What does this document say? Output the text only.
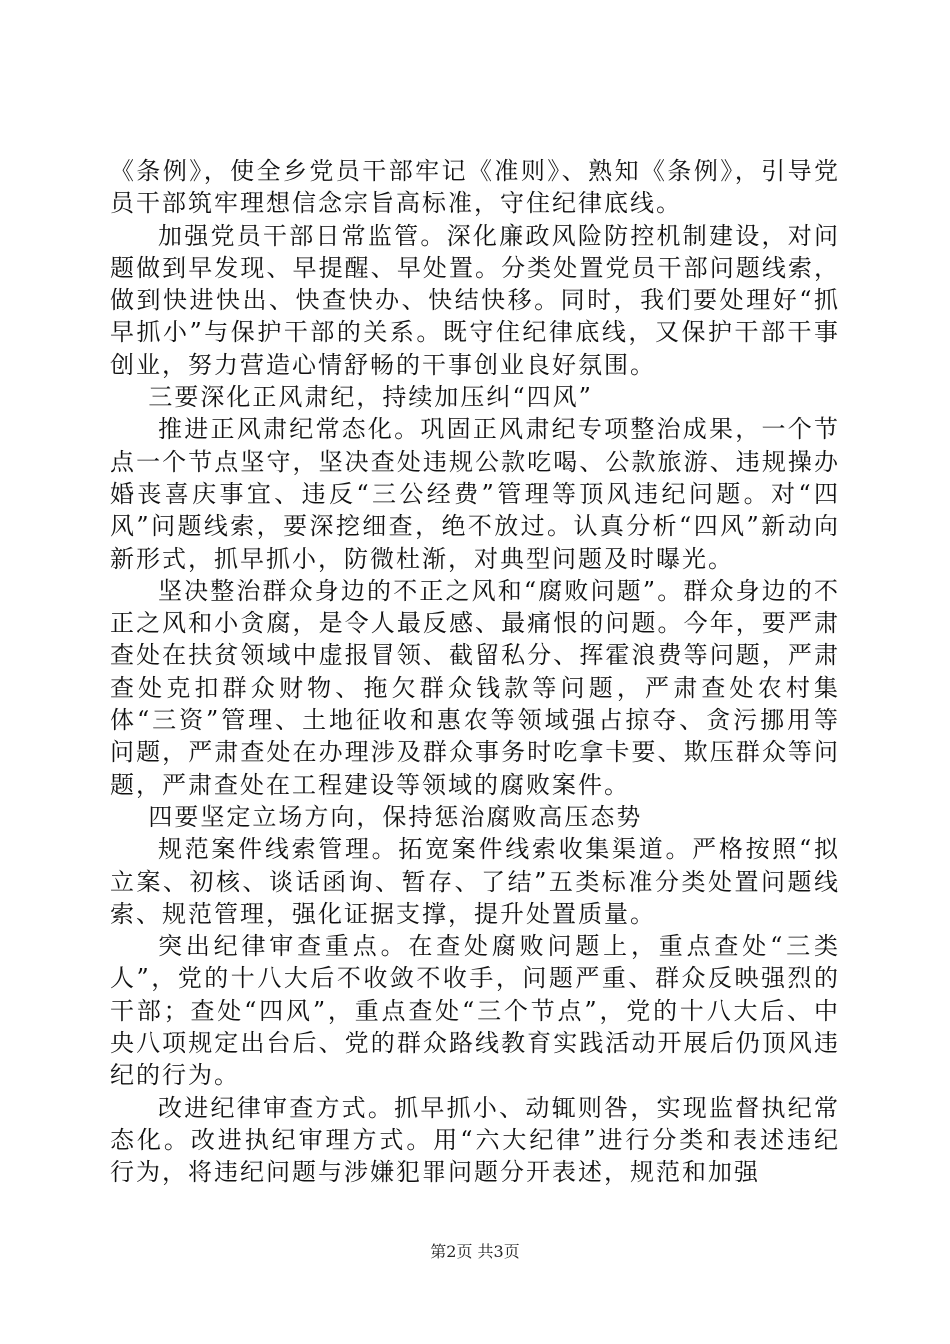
《条例》，使全乡党员干部牢记《准则》、熟知《条例》，引导党员干部筑牢理想信念宗旨高标准，守住纪律底线。

加强党员干部日常监管。深化廉政风险防控机制建设，对问题做到早发现、早提醒、早处置。分类处置党员干部问题线索，做到快进快出、快查快办、快结快移。同时，我们要处理好“抓早抓小”与保护干部的关系。既守住纪律底线，又保护干部干事创业，努力营造心情舒畅的干事创业良好氛围。

三要深化正风肃纪，持续加压纠“四风”

推进正风肃纪常态化。巩固正风肃纪专项整治成果，一个节点一个节点坚守，坚决查处违规公款吃喝、公款旅游、违规操办婚丧喜庆事宜、违反“三公经费”管理等顶风违纪问题。对“四风”问题线索，要深挖细查，绝不放过。认真分析“四风”新动向新形式，抓早抓小，防微杜渐，对典型问题及时曝光。

坚决整治群众身边的不正之风和“腐败问题”。群众身边的不正之风和小贪腐，是令人最反感、最痛恨的问题。今年，要严肃查处在扶贫领域中虚报冒领、截留私分、挥霍浪费等问题，严肃查处克扣群众财物、拖欠群众钱款等问题，严肃查处农村集体“三资”管理、土地征收和惠农等领域强占掠夺、贪污挪用等问题，严肃查处在办理涉及群众事务时吃拿卡要、欺压群众等问题，严肃查处在工程建设等领域的腐败案件。

四要坚定立场方向，保持惩治腐败高压态势

规范案件线索管理。拓宽案件线索收集渠道。严格按照“拟立案、初核、谈话函询、暂存、了结”五类标准分类处置问题线索、规范管理，强化证据支撑，提升处置质量。

突出纪律审查重点。在查处腐败问题上，重点查处“三类人”，党的十八大后不收敛不收手，问题严重、群众反映强烈的干部；查处“四风”，重点查处“三个节点”，党的十八大后、中央八项规定出台后、党的群众路线教育实践活动开展后仍顶风违纪的行为。

改进纪律审查方式。抓早抓小、动辄则咎，实现监督执纪常态化。改进执纪审理方式。用“六大纪律”进行分类和表述违纪行为，将违纪问题与涉嫌犯罪问题分开表述，规范和加强

第2页 共3页
